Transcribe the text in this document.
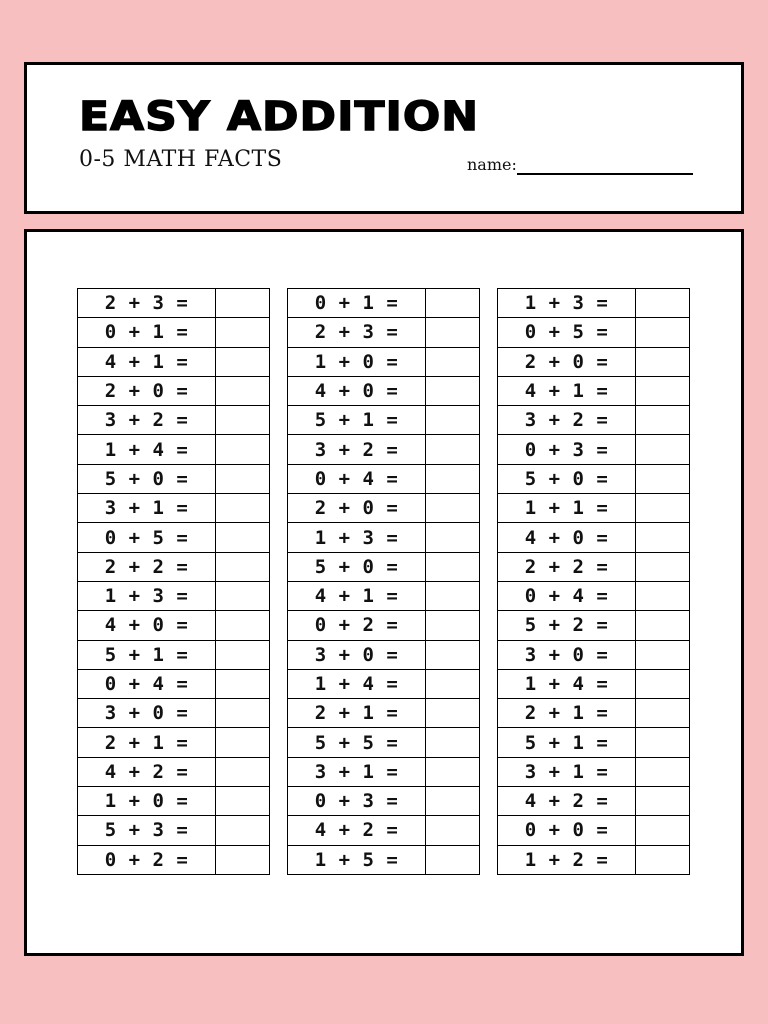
EASY ADDITION
0-5 MATH FACTS	name:
2 + 3 =	
0 + 1 =	
4 + 1 =	
2 + 0 =	
3 + 2 =	
1 + 4 =	
5 + 0 =	
3 + 1 =	
0 + 5 =	
2 + 2 =	
1 + 3 =	
4 + 0 =	
5 + 1 =	
0 + 4 =	
3 + 0 =	
2 + 1 =	
4 + 2 =	
1 + 0 =	
5 + 3 =	
0 + 2 =	
0 + 1 =	
2 + 3 =	
1 + 0 =	
4 + 0 =	
5 + 1 =	
3 + 2 =	
0 + 4 =	
2 + 0 =	
1 + 3 =	
5 + 0 =	
4 + 1 =	
0 + 2 =	
3 + 0 =	
1 + 4 =	
2 + 1 =	
5 + 5 =	
3 + 1 =	
0 + 3 =	
4 + 2 =	
1 + 5 =	
1 + 3 =	
0 + 5 =	
2 + 0 =	
4 + 1 =	
3 + 2 =	
0 + 3 =	
5 + 0 =	
1 + 1 =	
4 + 0 =	
2 + 2 =	
0 + 4 =	
5 + 2 =	
3 + 0 =	
1 + 4 =	
2 + 1 =	
5 + 1 =	
3 + 1 =	
4 + 2 =	
0 + 0 =	
1 + 2 =	
